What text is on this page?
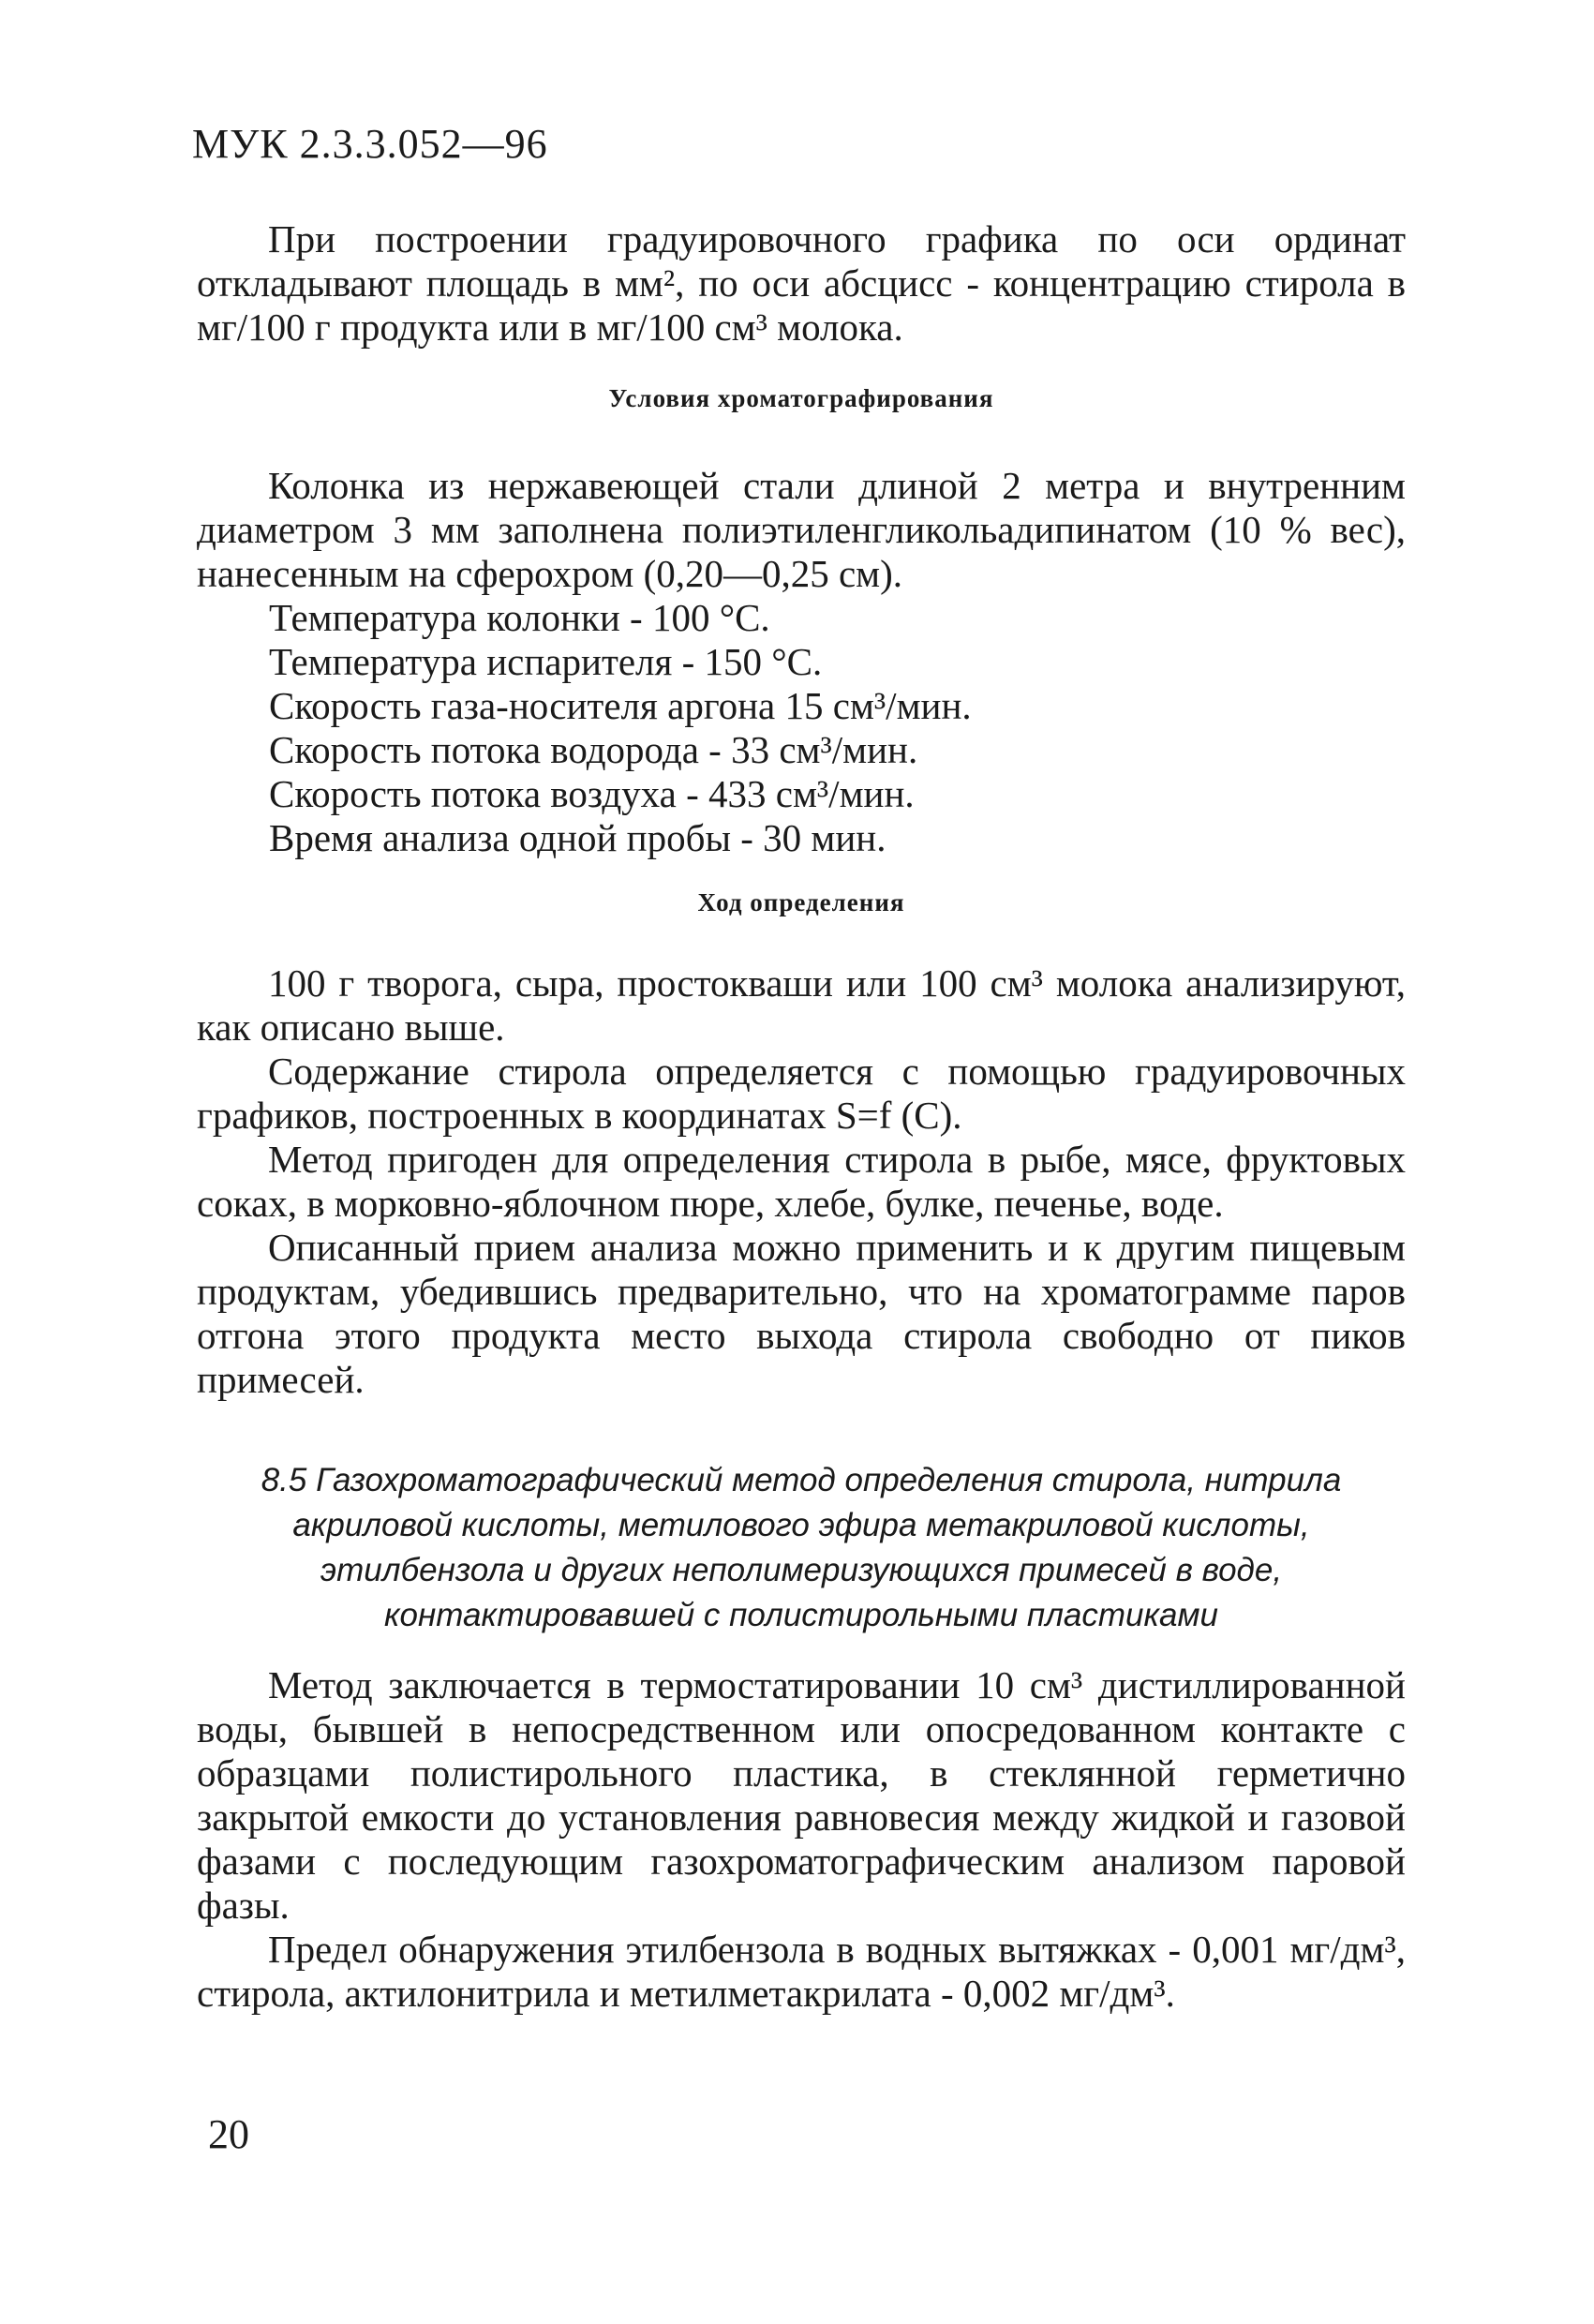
МУК 2.3.3.052—96

При построении градуировочного графика по оси ординат откладывают площадь в мм², по оси абсцисс - концентрацию стирола в мг/100 г продукта или в мг/100 см³ молока.

Условия хроматографирования

Колонка из нержавеющей стали длиной 2 метра и внутренним диаметром 3 мм заполнена полиэтиленгликольадипинатом (10 % вес), нанесенным на сферохром (0,20—0,25 см).

Температура колонки - 100 °С.
Температура испарителя - 150 °С.
Скорость газа-носителя аргона 15 см³/мин.
Скорость потока водорода - 33 см³/мин.
Скорость потока воздуха - 433 см³/мин.
Время анализа одной пробы - 30 мин.
Ход определения

100 г творога, сыра, простокваши или 100 см³ молока анализируют, как описано выше.

Содержание стирола определяется с помощью градуировочных графиков, построенных в координатах S=f (C).

Метод пригоден для определения стирола в рыбе, мясе, фруктовых соках, в морковно-яблочном пюре, хлебе, булке, печенье, воде.

Описанный прием анализа можно применить и к другим пищевым продуктам, убедившись предварительно, что на хроматограмме паров отгона этого продукта место выхода стирола свободно от пиков примесей.

8.5 Газохроматографический метод определения стирола, нитрила
акриловой кислоты, метилового эфира метакриловой кислоты,
этилбензола и других неполимеризующихся примесей в воде,
контактировавшей с полистирольными пластиками

Метод заключается в термостатировании 10 см³ дистиллированной воды, бывшей в непосредственном или опосредованном контакте с образцами полистирольного пластика, в стеклянной герметично закрытой емкости до установления равновесия между жидкой и газовой фазами с последующим газохроматографическим анализом паровой фазы.

Предел обнаружения этилбензола в водных вытяжках - 0,001 мг/дм³, стирола, актилонитрила и метилметакрилата - 0,002 мг/дм³.

20
